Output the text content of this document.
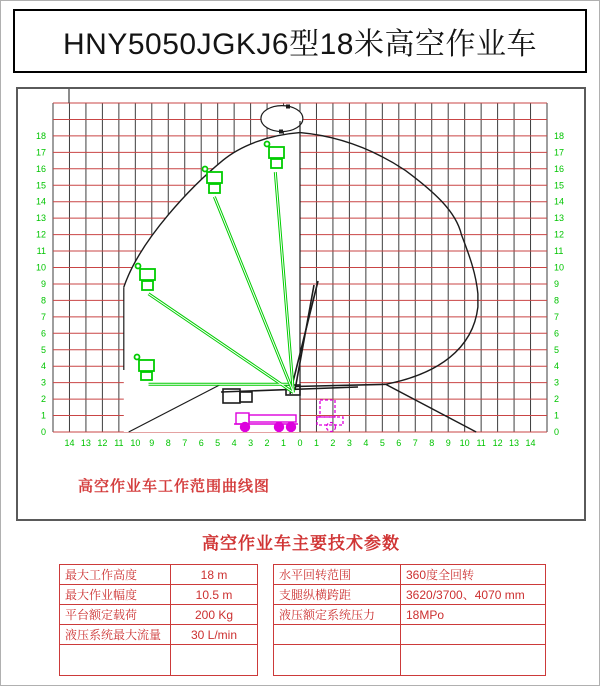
HNY5050JGKJ6型18米高空作业车
18	18
17	17
16	16
15	15
14	14
13	13
12	12
11	11
10	10
9	9
8	8
7	7
6	6
5	5
4	4
3	3
2	2
1	1
0	0
14 13 12 11 10 9 8 7 6 5 4 3 2 1 0 1 2 3 4 5 6 7 8 9 10 11 12 13 14
高空作业车工作范围曲线图
高空作业车主要技术参数
最大工作高度	18 m
最大作业幅度	10.5 m
平台额定载荷	200 Kg
液压系统最大流量	30 L/min

水平回转范围	360度全回转
支腿纵横跨距	3620/3700、4070 mm
液压额定系统压力	18MPo
